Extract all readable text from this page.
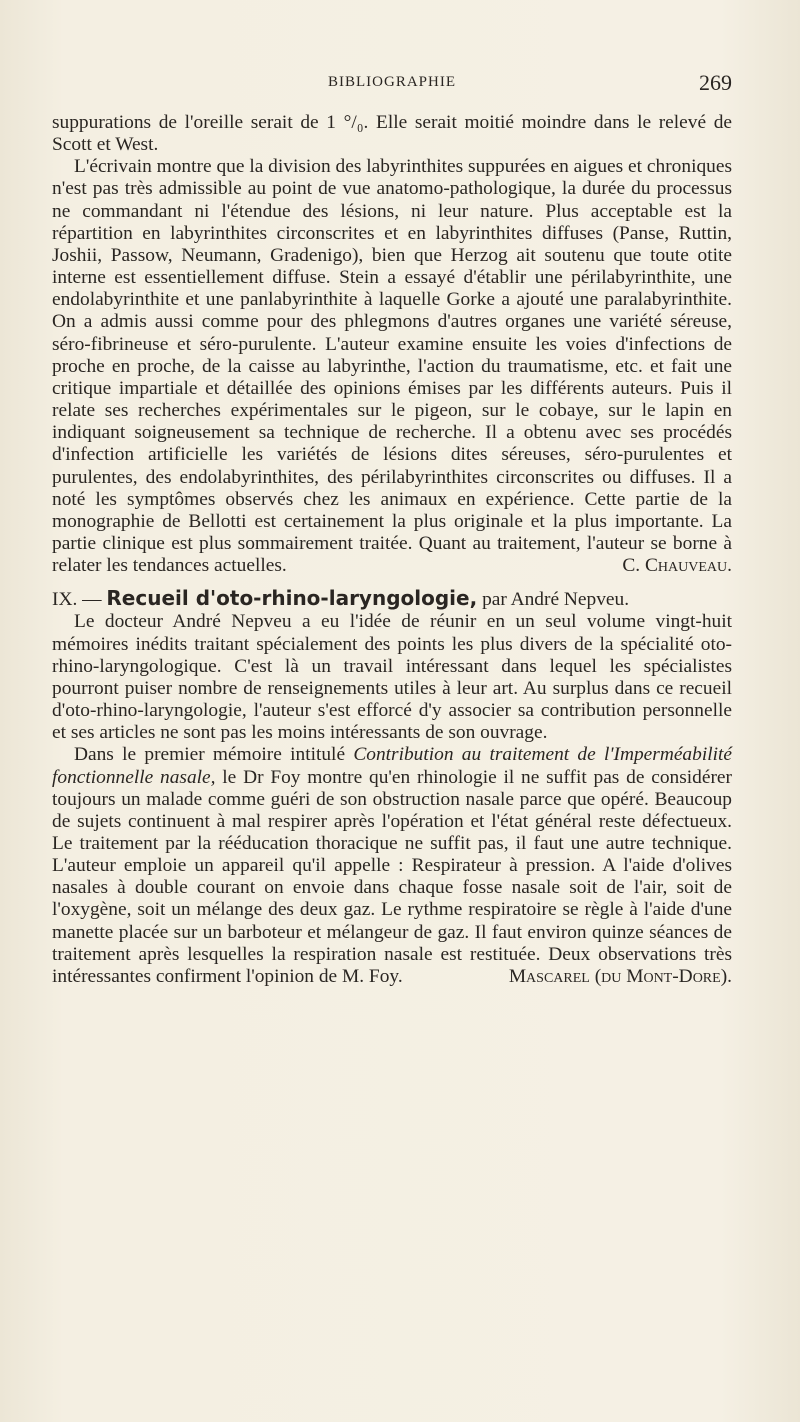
BIBLIOGRAPHIE	269

suppurations de l'oreille serait de 1 °/₀. Elle serait moitié moindre dans le relevé de Scott et West.

L'écrivain montre que la division des labyrinthites suppurées en aigues et chroniques n'est pas très admissible au point de vue anatomo-pathologique, la durée du processus ne commandant ni l'étendue des lésions, ni leur nature. Plus acceptable est la répartition en labyrinthites circonscrites et en labyrinthites diffuses (Panse, Ruttin, Joshii, Passow, Neumann, Gradenigo), bien que Herzog ait soutenu que toute otite interne est essentiellement diffuse. Stein a essayé d'établir une périlabyrinthite, une endolabyrinthite et une panlabyrinthite à laquelle Gorke a ajouté une paralabyrinthite. On a admis aussi comme pour des phlegmons d'autres organes une variété séreuse, séro-fibrineuse et séro-purulente. L'auteur examine ensuite les voies d'infections de proche en proche, de la caisse au labyrinthe, l'action du traumatisme, etc. et fait une critique impartiale et détaillée des opinions émises par les différents auteurs. Puis il relate ses recherches expérimentales sur le pigeon, sur le cobaye, sur le lapin en indiquant soigneusement sa technique de recherche. Il a obtenu avec ses procédés d'infection artificielle les variétés de lésions dites séreuses, séro-purulentes et purulentes, des endolabyrinthites, des périlabyrinthites circonscrites ou diffuses. Il a noté les symptômes observés chez les animaux en expérience. Cette partie de la monographie de Bellotti est certainement la plus originale et la plus importante. La partie clinique est plus sommairement traitée. Quant au traitement, l'auteur se borne à relater les tendances actuelles.	C. Chauveau.

IX. — Recueil d'oto-rhino-laryngologie, par André Nepveu.

Le docteur André Nepveu a eu l'idée de réunir en un seul volume vingt-huit mémoires inédits traitant spécialement des points les plus divers de la spécialité oto-rhino-laryngologique. C'est là un travail intéressant dans lequel les spécialistes pourront puiser nombre de renseignements utiles à leur art. Au surplus dans ce recueil d'oto-rhino-laryngologie, l'auteur s'est efforcé d'y associer sa contribution personnelle et ses articles ne sont pas les moins intéressants de son ouvrage.

Dans le premier mémoire intitulé Contribution au traitement de l'Imperméabilité fonctionnelle nasale, le Dr Foy montre qu'en rhinologie il ne suffit pas de considérer toujours un malade comme guéri de son obstruction nasale parce que opéré. Beaucoup de sujets continuent à mal respirer après l'opération et l'état général reste défectueux. Le traitement par la rééducation thoracique ne suffit pas, il faut une autre technique. L'auteur emploie un appareil qu'il appelle : Respirateur à pression. A l'aide d'olives nasales à double courant on envoie dans chaque fosse nasale soit de l'air, soit de l'oxygène, soit un mélange des deux gaz. Le rythme respiratoire se règle à l'aide d'une manette placée sur un barboteur et mélangeur de gaz. Il faut environ quinze séances de traitement après lesquelles la respiration nasale est restituée. Deux observations très intéressantes confirment l'opinion de M. Foy.	Mascarel (du Mont-Dore).
